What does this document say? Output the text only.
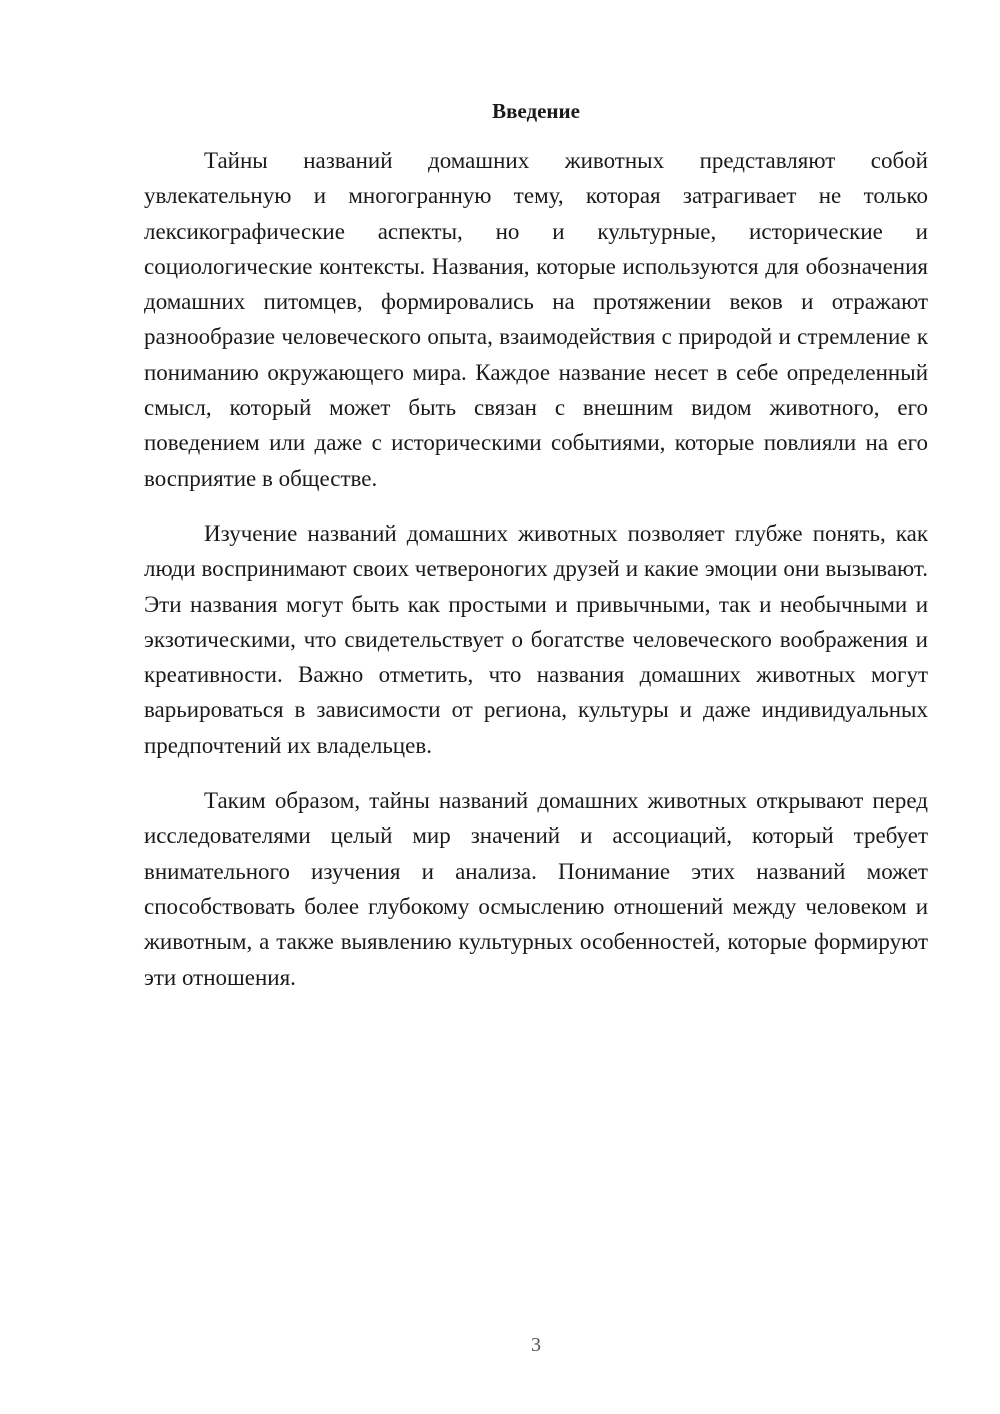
Введение

Тайны названий домашних животных представляют собой увлекательную и многогранную тему, которая затрагивает не только лексикографические аспекты, но и культурные, исторические и социологические контексты. Названия, которые используются для обозначения домашних питомцев, формировались на протяжении веков и отражают разнообразие человеческого опыта, взаимодействия с природой и стремление к пониманию окружающего мира. Каждое название несет в себе определенный смысл, который может быть связан с внешним видом животного, его поведением или даже с историческими событиями, которые повлияли на его восприятие в обществе.

Изучение названий домашних животных позволяет глубже понять, как люди воспринимают своих четвероногих друзей и какие эмоции они вызывают. Эти названия могут быть как простыми и привычными, так и необычными и экзотическими, что свидетельствует о богатстве человеческого воображения и креативности. Важно отметить, что названия домашних животных могут варьироваться в зависимости от региона, культуры и даже индивидуальных предпочтений их владельцев.

Таким образом, тайны названий домашних животных открывают перед исследователями целый мир значений и ассоциаций, который требует внимательного изучения и анализа. Понимание этих названий может способствовать более глубокому осмыслению отношений между человеком и животным, а также выявлению культурных особенностей, которые формируют эти отношения.

3
